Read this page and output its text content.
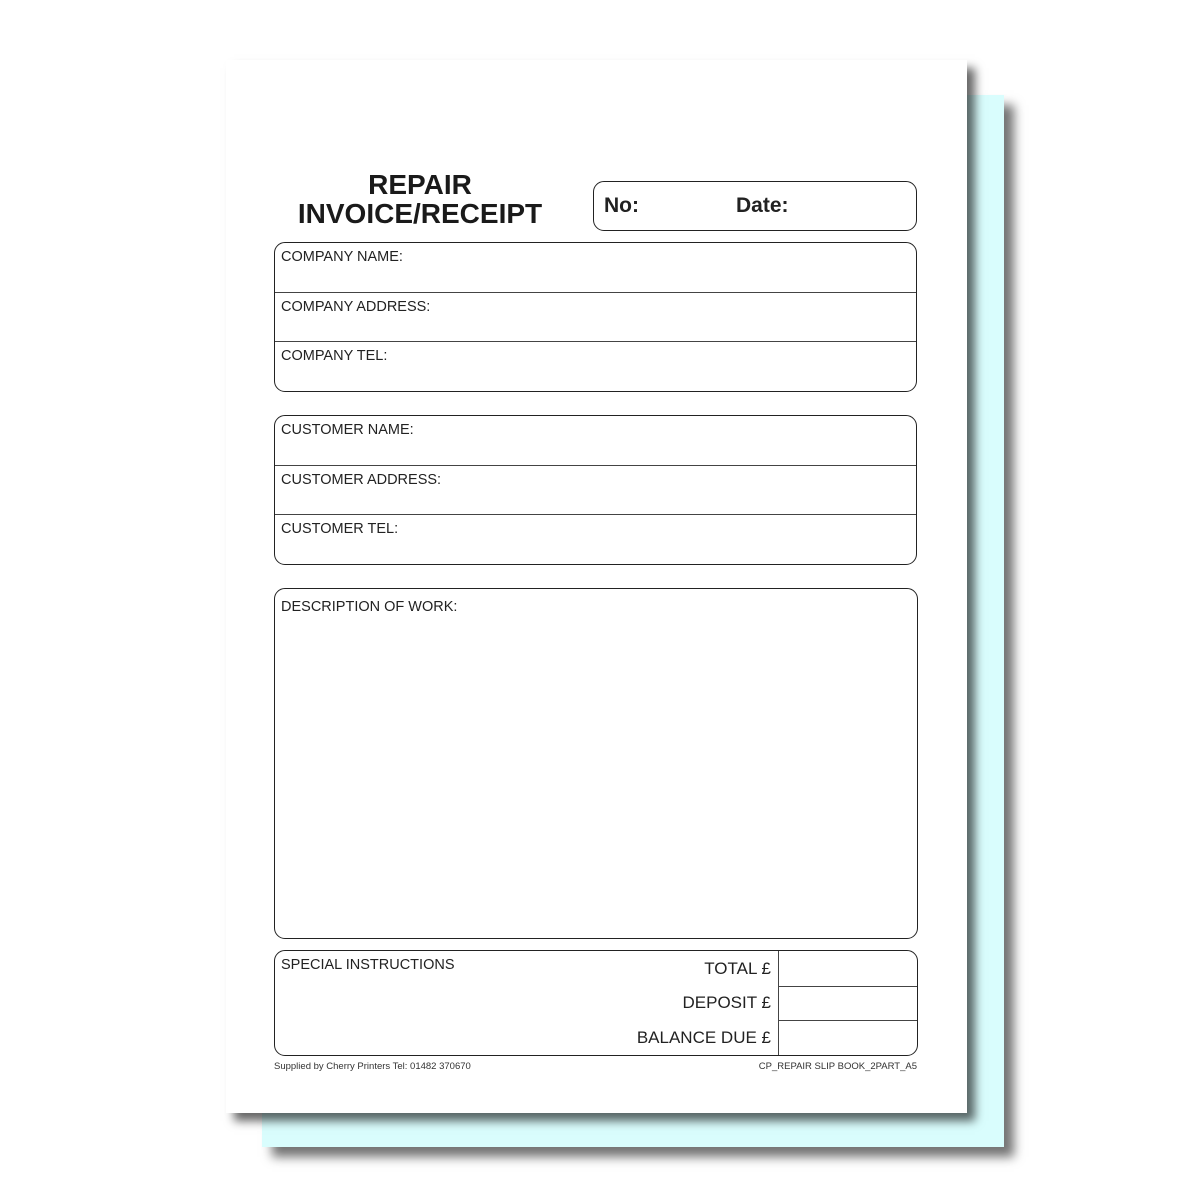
REPAIR
INVOICE/RECEIPT	No:	Date:
COMPANY NAME:
COMPANY ADDRESS:
COMPANY TEL:
CUSTOMER NAME:
CUSTOMER ADDRESS:
CUSTOMER TEL:
DESCRIPTION OF WORK:
SPECIAL INSTRUCTIONS	TOTAL £
DEPOSIT £
BALANCE DUE £
Supplied by Cherry Printers Tel: 01482 370670	CP_REPAIR SLIP BOOK_2PART_A5
